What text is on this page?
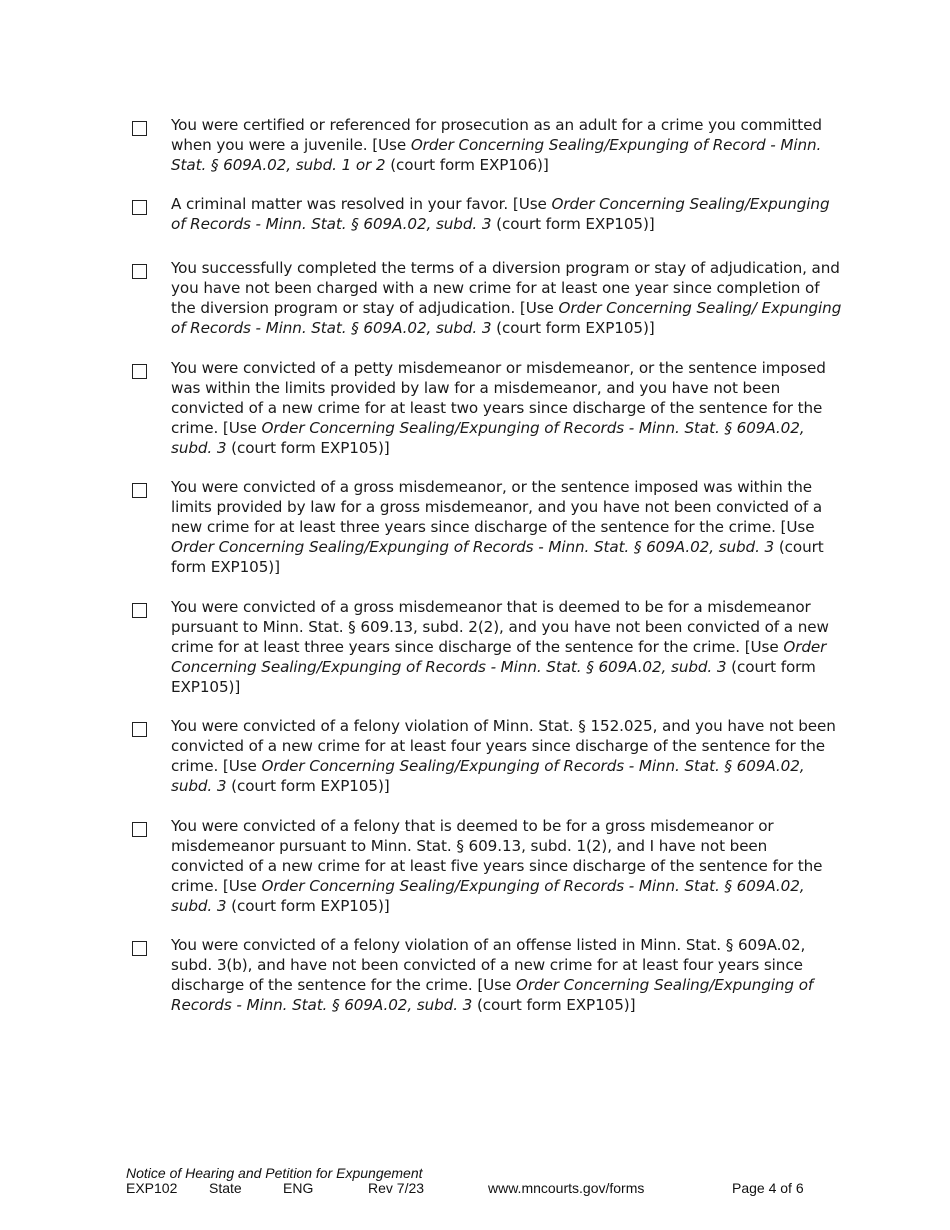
You were certified or referenced for prosecution as an adult for a crime you committed when you were a juvenile. [Use Order Concerning Sealing/Expunging of Record - Minn. Stat. § 609A.02, subd. 1 or 2 (court form EXP106)]
A criminal matter was resolved in your favor. [Use Order Concerning Sealing/Expunging of Records - Minn. Stat. § 609A.02, subd. 3 (court form EXP105)]
You successfully completed the terms of a diversion program or stay of adjudication, and you have not been charged with a new crime for at least one year since completion of the diversion program or stay of adjudication. [Use Order Concerning Sealing/ Expunging of Records - Minn. Stat. § 609A.02, subd. 3 (court form EXP105)]
You were convicted of a petty misdemeanor or misdemeanor, or the sentence imposed was within the limits provided by law for a misdemeanor, and you have not been convicted of a new crime for at least two years since discharge of the sentence for the crime. [Use Order Concerning Sealing/Expunging of Records - Minn. Stat. § 609A.02, subd. 3 (court form EXP105)]
You were convicted of a gross misdemeanor, or the sentence imposed was within the limits provided by law for a gross misdemeanor, and you have not been convicted of a new crime for at least three years since discharge of the sentence for the crime. [Use Order Concerning Sealing/Expunging of Records - Minn. Stat. § 609A.02, subd. 3 (court form EXP105)]
You were convicted of a gross misdemeanor that is deemed to be for a misdemeanor pursuant to Minn. Stat. § 609.13, subd. 2(2), and you have not been convicted of a new crime for at least three years since discharge of the sentence for the crime. [Use Order Concerning Sealing/Expunging of Records - Minn. Stat. § 609A.02, subd. 3 (court form EXP105)]
You were convicted of a felony violation of Minn. Stat. § 152.025, and you have not been convicted of a new crime for at least four years since discharge of the sentence for the crime. [Use Order Concerning Sealing/Expunging of Records - Minn. Stat. § 609A.02, subd. 3 (court form EXP105)]
You were convicted of a felony that is deemed to be for a gross misdemeanor or misdemeanor pursuant to Minn. Stat. § 609.13, subd. 1(2), and I have not been convicted of a new crime for at least five years since discharge of the sentence for the crime. [Use Order Concerning Sealing/Expunging of Records - Minn. Stat. § 609A.02, subd. 3 (court form EXP105)]
You were convicted of a felony violation of an offense listed in Minn. Stat. § 609A.02, subd. 3(b), and have not been convicted of a new crime for at least four years since discharge of the sentence for the crime. [Use Order Concerning Sealing/Expunging of Records - Minn. Stat. § 609A.02, subd. 3 (court form EXP105)]
Notice of Hearing and Petition for Expungement
EXP102 State	ENG	Rev 7/23	www.mncourts.gov/forms	Page 4 of 6
